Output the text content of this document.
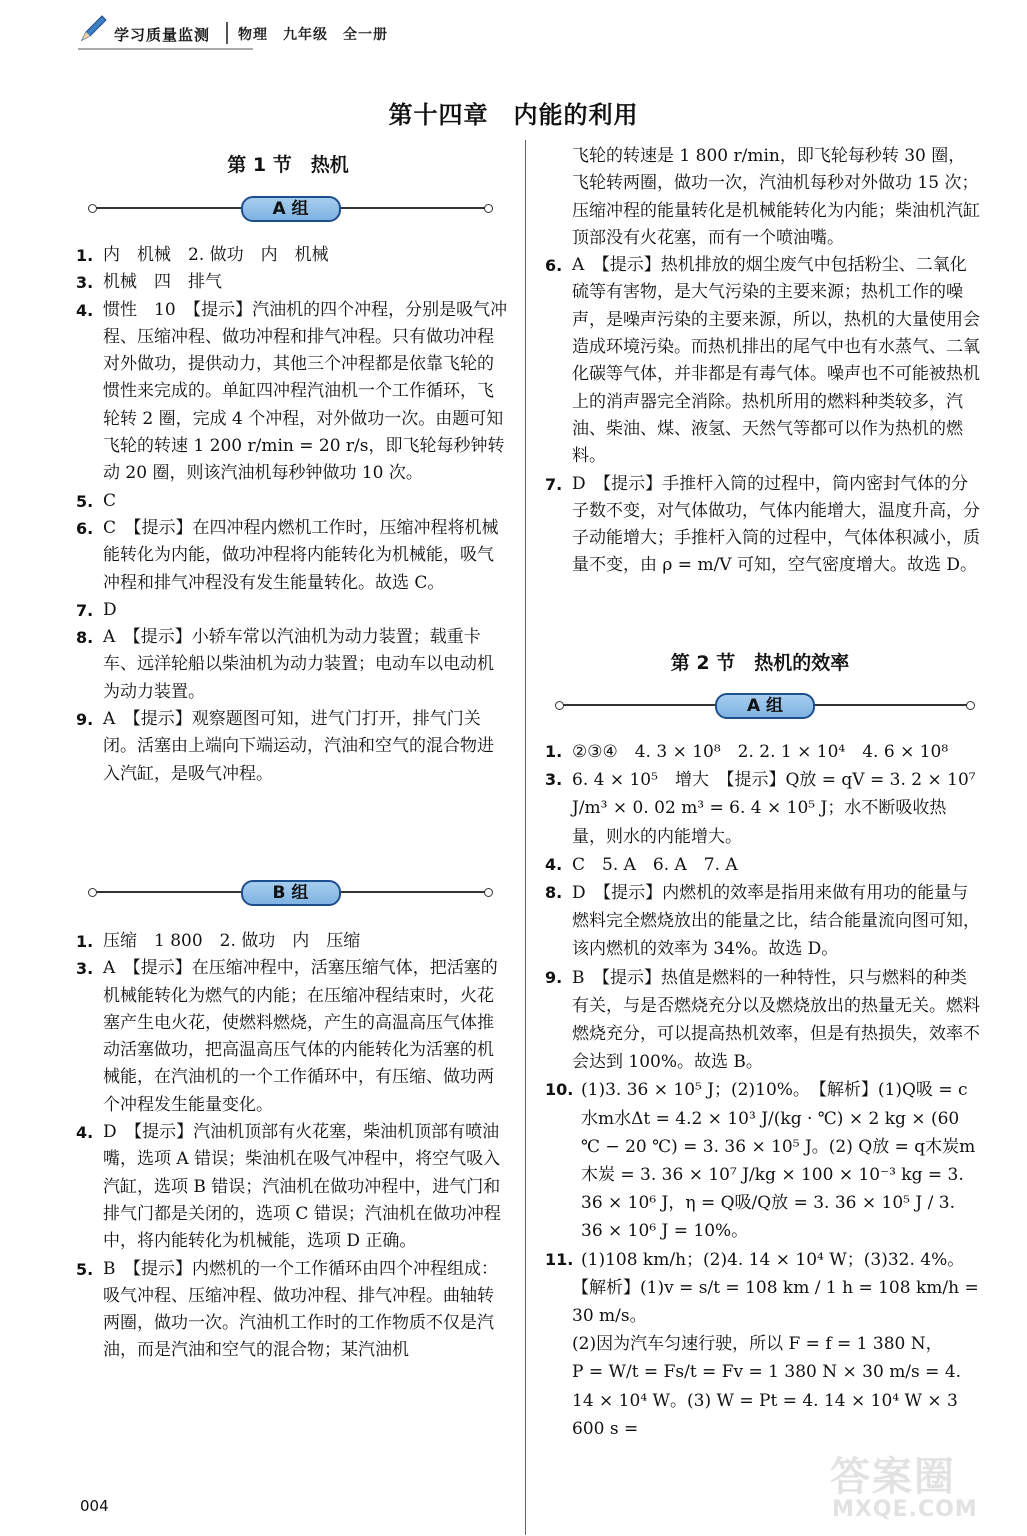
学习质量监测 物理　九年级　全一册
第十四章　内能的利用
第 1 节　热机
A 组
1. 内　机械　2. 做功　内　机械
3. 机械　四　排气
4. 惯性　10　【提示】汽油机的四个冲程，分别是吸气冲程、压缩冲程、做功冲程和排气冲程。只有做功冲程对外做功，提供动力，其他三个冲程都是依靠飞轮的惯性来完成的。单缸四冲程汽油机一个工作循环，飞轮转 2 圈，完成 4 个冲程，对外做功一次。由题可知飞轮的转速 1 200 r/min = 20 r/s，即飞轮每秒钟转动 20 圈，则该汽油机每秒钟做功 10 次。
5. C
6. C　【提示】在四冲程内燃机工作时，压缩冲程将机械能转化为内能，做功冲程将内能转化为机械能，吸气冲程和排气冲程没有发生能量转化。故选 C。
7. D
8. A　【提示】小轿车常以汽油机为动力装置；载重卡车、远洋轮船以柴油机为动力装置；电动车以电动机为动力装置。
9. A　【提示】观察题图可知，进气门打开，排气门关闭。活塞由上端向下端运动，汽油和空气的混合物进入汽缸，是吸气冲程。
B 组
1. 压缩　1 800　2. 做功　内　压缩
3. A　【提示】在压缩冲程中，活塞压缩气体，把活塞的机械能转化为燃气的内能；在压缩冲程结束时，火花塞产生电火花，使燃料燃烧，产生的高温高压气体推动活塞做功，把高温高压气体的内能转化为活塞的机械能，在汽油机的一个工作循环中，有压缩、做功两个冲程发生能量变化。
4. D　【提示】汽油机顶部有火花塞，柴油机顶部有喷油嘴，选项 A 错误；柴油机在吸气冲程中，将空气吸入汽缸，选项 B 错误；汽油机在做功冲程中，进气门和排气门都是关闭的，选项 C 错误；汽油机在做功冲程中，将内能转化为机械能，选项 D 正确。
5. B　【提示】内燃机的一个工作循环由四个冲程组成：吸气冲程、压缩冲程、做功冲程、排气冲程。曲轴转两圈，做功一次。汽油机工作时的工作物质不仅是汽油，而是汽油和空气的混合物；某汽油机
飞轮的转速是 1 800 r/min，即飞轮每秒转 30 圈，飞轮转两圈，做功一次，汽油机每秒对外做功 15 次；压缩冲程的能量转化是机械能转化为内能；柴油机汽缸顶部没有火花塞，而有一个喷油嘴。
6. A　【提示】热机排放的烟尘废气中包括粉尘、二氧化硫等有害物，是大气污染的主要来源；热机工作的噪声，是噪声污染的主要来源，所以，热机的大量使用会造成环境污染。而热机排出的尾气中也有水蒸气、二氧化碳等气体，并非都是有毒气体。噪声也不可能被热机上的消声器完全消除。热机所用的燃料种类较多，汽油、柴油、煤、液氢、天然气等都可以作为热机的燃料。
7. D　【提示】手推杆入筒的过程中，筒内密封气体的分子数不变，对气体做功，气体内能增大，温度升高，分子动能增大；手推杆入筒的过程中，气体体积减小，质量不变，由 ρ = m/V 可知，空气密度增大。故选 D。
第 2 节　热机的效率
A 组
1. ②③④　4. 3 × 10⁸　2. 2. 1 × 10⁴　4. 6 × 10⁸
3. 6. 4 × 10⁵　增大　【提示】Q放 = qV = 3. 2 × 10⁷ J/m³ × 0. 02 m³ = 6. 4 × 10⁵ J；水不断吸收热量，则水的内能增大。
4. C　5. A　6. A　7. A
8. D　【提示】内燃机的效率是指用来做有用功的能量与燃料完全燃烧放出的能量之比，结合能量流向图可知，该内燃机的效率为 34%。故选 D。
9. B　【提示】热值是燃料的一种特性，只与燃料的种类有关，与是否燃烧充分以及燃烧放出的热量无关。燃料燃烧充分，可以提高热机效率，但是有热损失，效率不会达到 100%。故选 B。
10. (1)3. 36 × 10⁵ J；(2)10%。　【解析】(1)Q吸 = c水m水Δt = 4.2 × 10³ J/(kg · ℃) × 2 kg × (60 ℃ − 20 ℃) = 3. 36 × 10⁵ J。(2) Q放 = q木炭m木炭 = 3. 36 × 10⁷ J/kg × 100 × 10⁻³ kg = 3. 36 × 10⁶ J，η = Q吸/Q放 = 3. 36 × 10⁵ J / 3. 36 × 10⁶ J = 10%。
11. (1)108 km/h；(2)4. 14 × 10⁴ W；(3)32. 4%。
【解析】(1)v = s/t = 108 km / 1 h = 108 km/h = 30 m/s。
(2)因为汽车匀速行驶，所以 F = f = 1 380 N，
P = W/t = Fs/t = Fv = 1 380 N × 30 m/s = 4. 14 × 10⁴ W。(3) W = Pt = 4. 14 × 10⁴ W × 3 600 s =
004
答案圈
MXQE.COM
